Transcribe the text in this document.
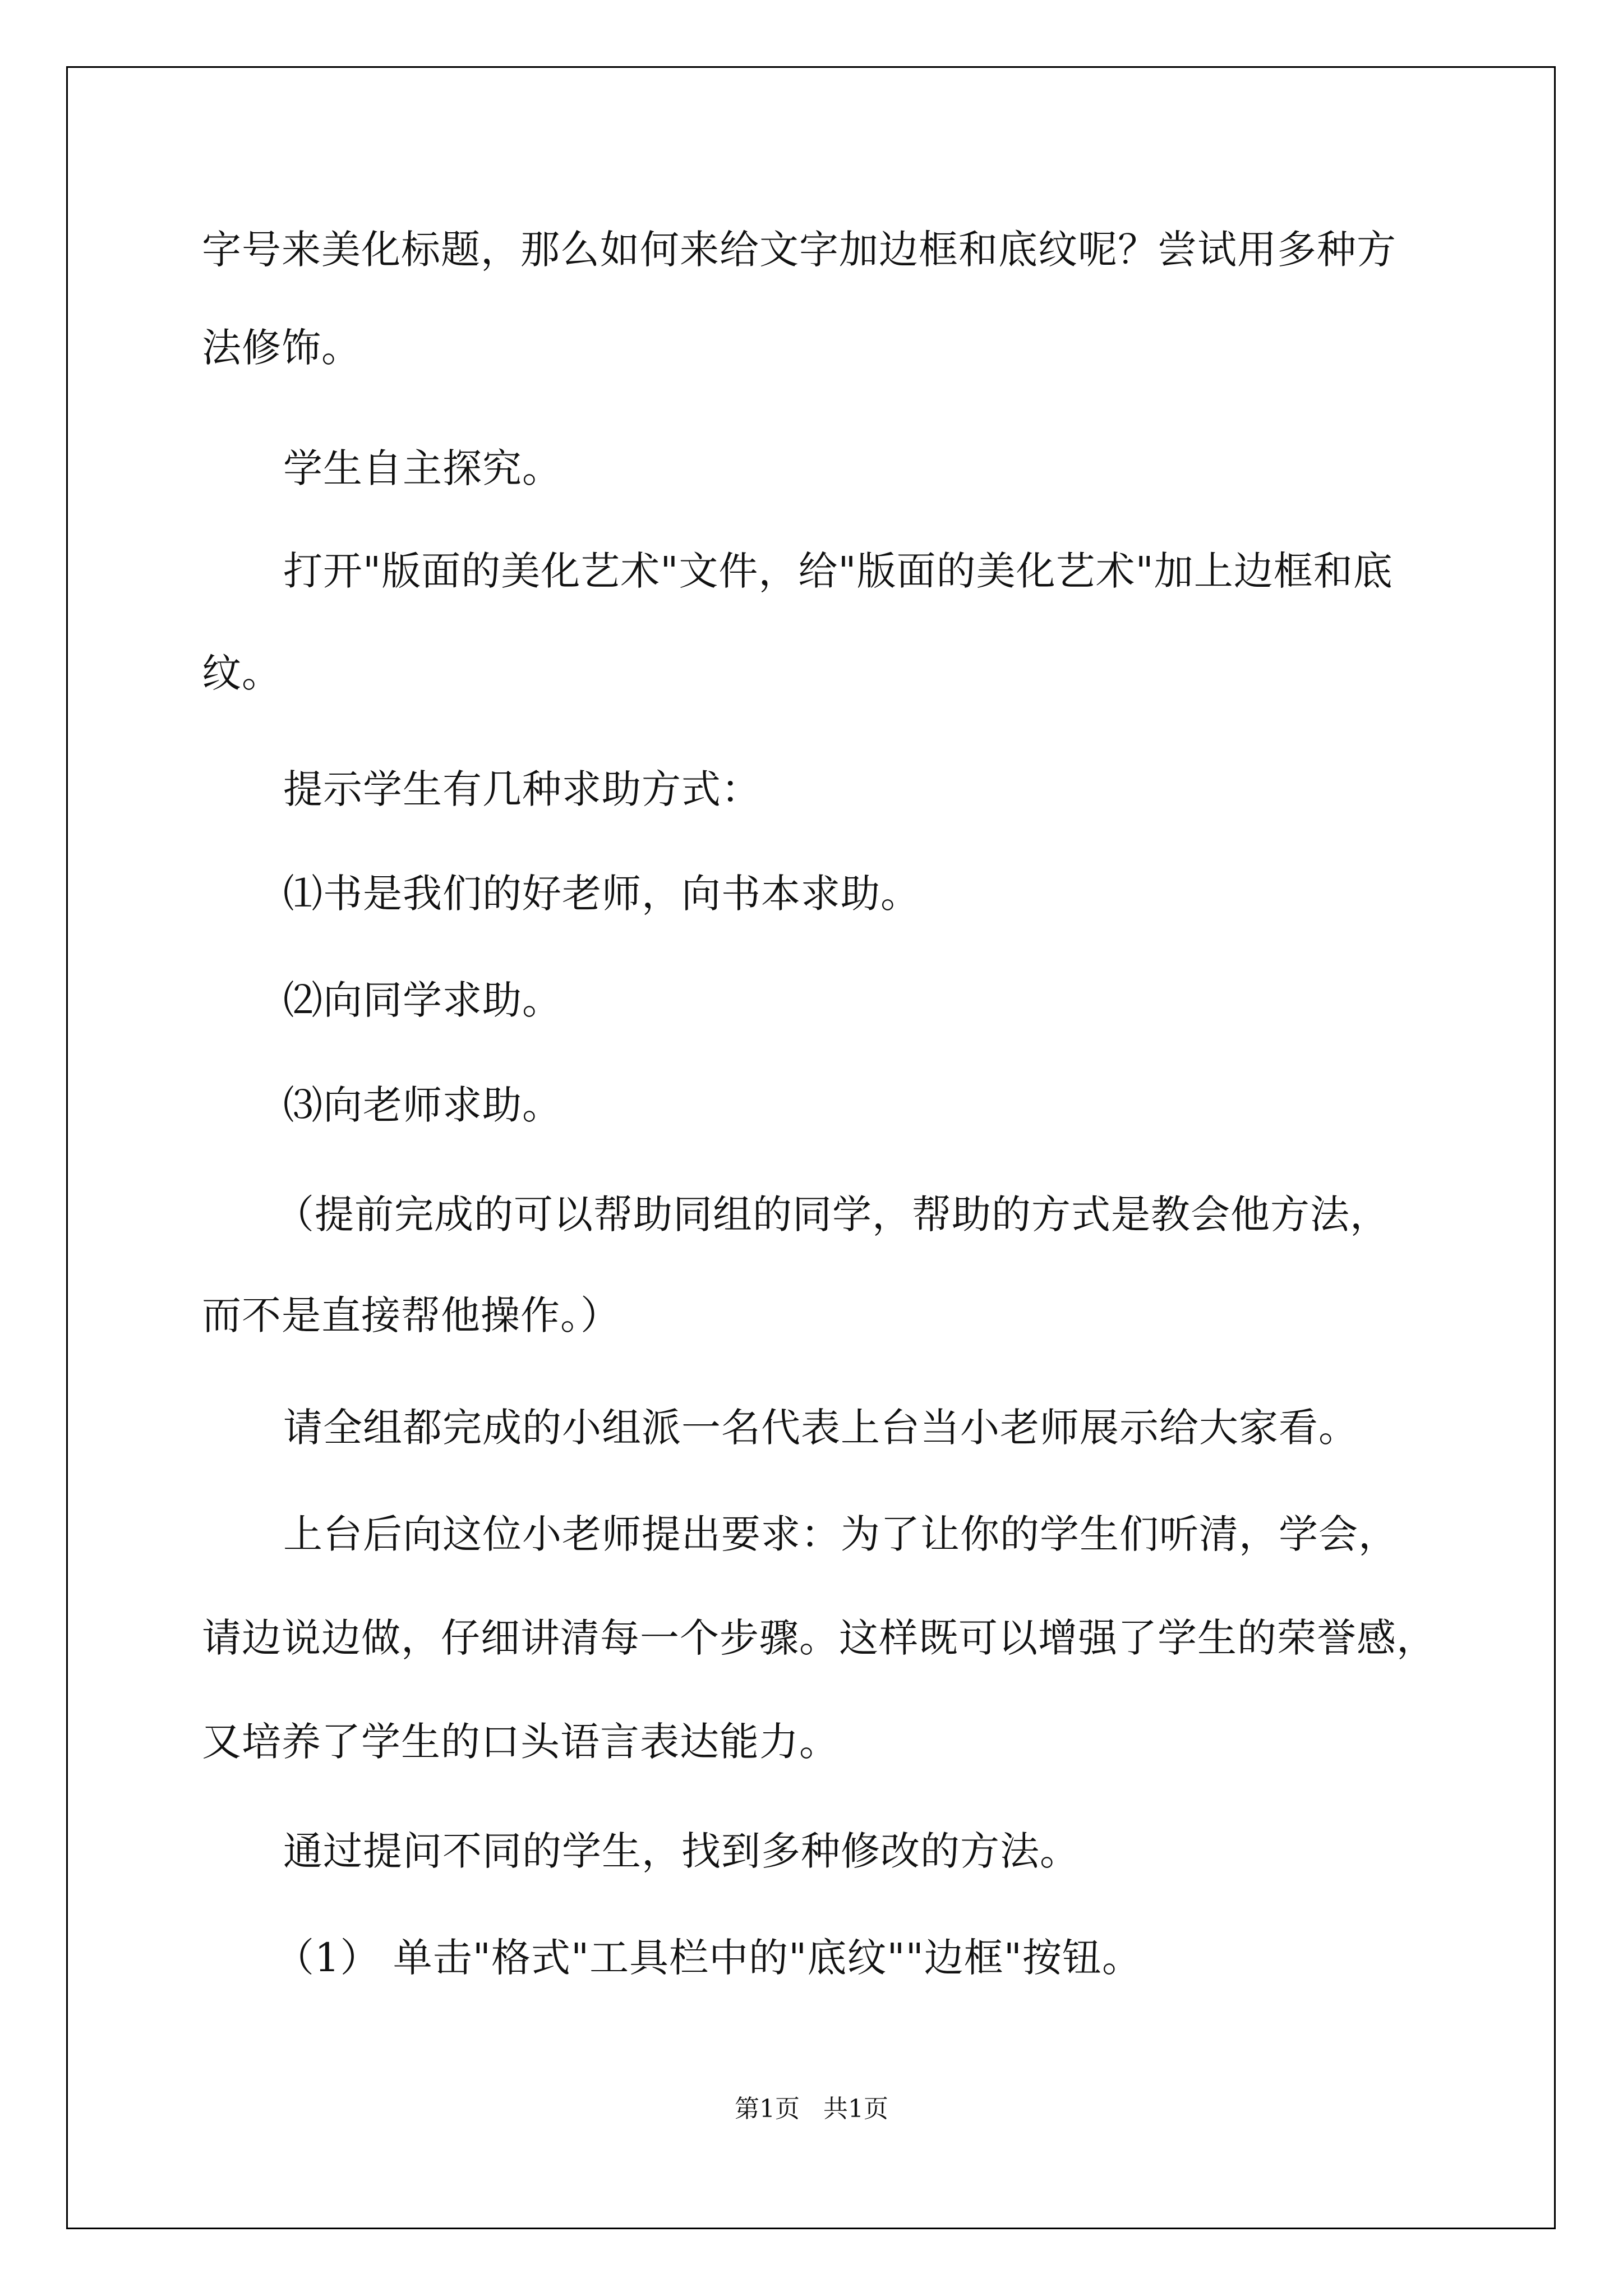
字号来美化标题，那么如何来给文字加边框和底纹呢？尝试用多种方
法修饰。
学生自主探究。
打开"版面的美化艺术"文件，给"版面的美化艺术"加上边框和底
纹。
提示学生有几种求助方式：
⑴书是我们的好老师，向书本求助。
⑵向同学求助。
⑶向老师求助。
（提前完成的可以帮助同组的同学，帮助的方式是教会他方法，
而不是直接帮他操作。）
请全组都完成的小组派一名代表上台当小老师展示给大家看。
上台后向这位小老师提出要求：为了让你的学生们听清，学会，
请边说边做，仔细讲清每一个步骤。这样既可以增强了学生的荣誉感，
又培养了学生的口头语言表达能力。
通过提问不同的学生，找到多种修改的方法。
（1） 单击"格式"工具栏中的"底纹""边框"按钮。
第1页 共1页
